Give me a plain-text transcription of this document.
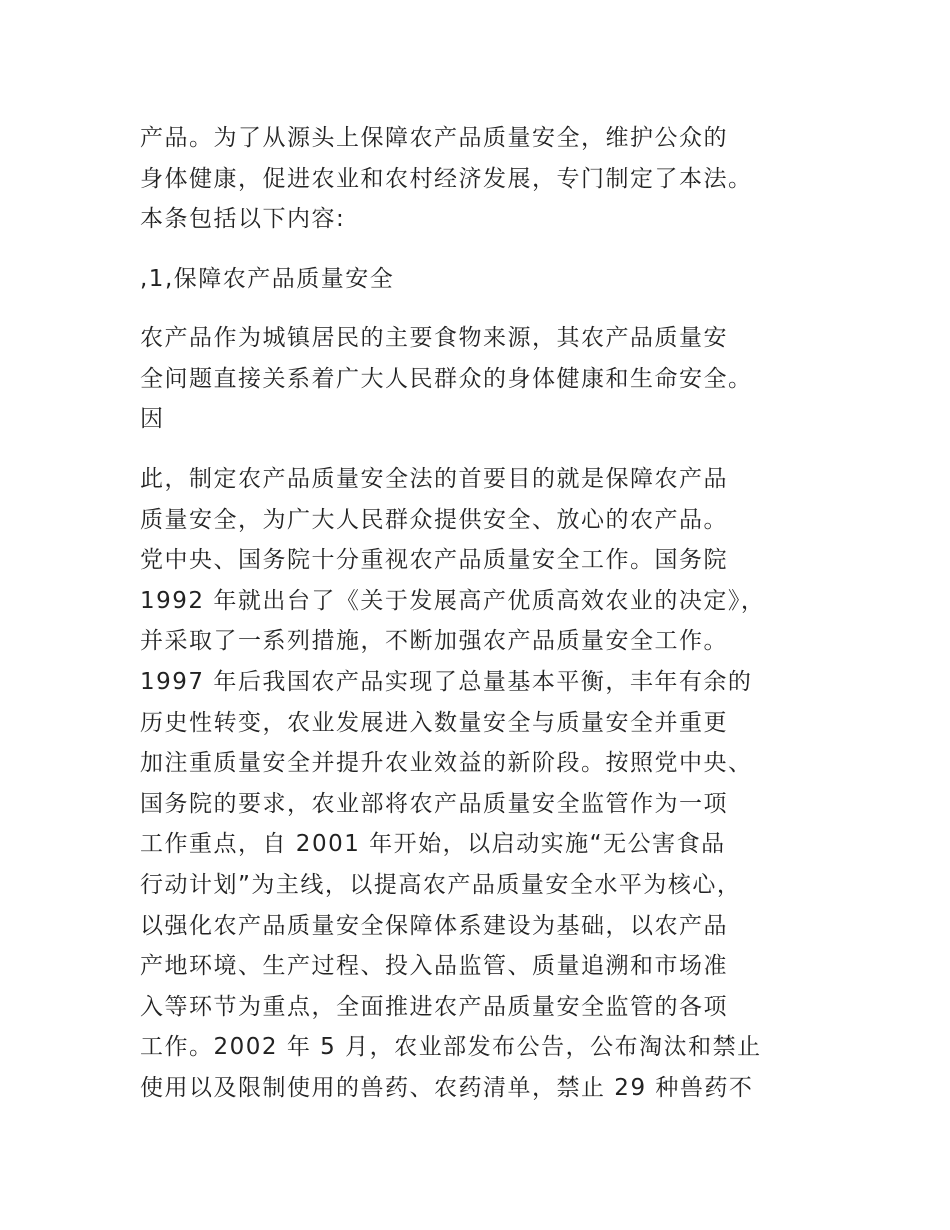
产品。为了从源头上保障农产品质量安全，维护公众的
身体健康，促进农业和农村经济发展，专门制定了本法。
本条包括以下内容:
,1,保障农产品质量安全
农产品作为城镇居民的主要食物来源，其农产品质量安
全问题直接关系着广大人民群众的身体健康和生命安全。
因
此，制定农产品质量安全法的首要目的就是保障农产品
质量安全，为广大人民群众提供安全、放心的农产品。
党中央、国务院十分重视农产品质量安全工作。国务院
1992 年就出台了《关于发展高产优质高效农业的决定》，
并采取了一系列措施，不断加强农产品质量安全工作。
1997 年后我国农产品实现了总量基本平衡，丰年有余的
历史性转变，农业发展进入数量安全与质量安全并重更
加注重质量安全并提升农业效益的新阶段。按照党中央、
国务院的要求，农业部将农产品质量安全监管作为一项
工作重点，自 2001 年开始，以启动实施“无公害食品
行动计划”为主线，以提高农产品质量安全水平为核心，
以强化农产品质量安全保障体系建设为基础，以农产品
产地环境、生产过程、投入品监管、质量追溯和市场准
入等环节为重点，全面推进农产品质量安全监管的各项
工作。2002 年 5 月，农业部发布公告，公布淘汰和禁止
使用以及限制使用的兽药、农药清单，禁止 29 种兽药不
